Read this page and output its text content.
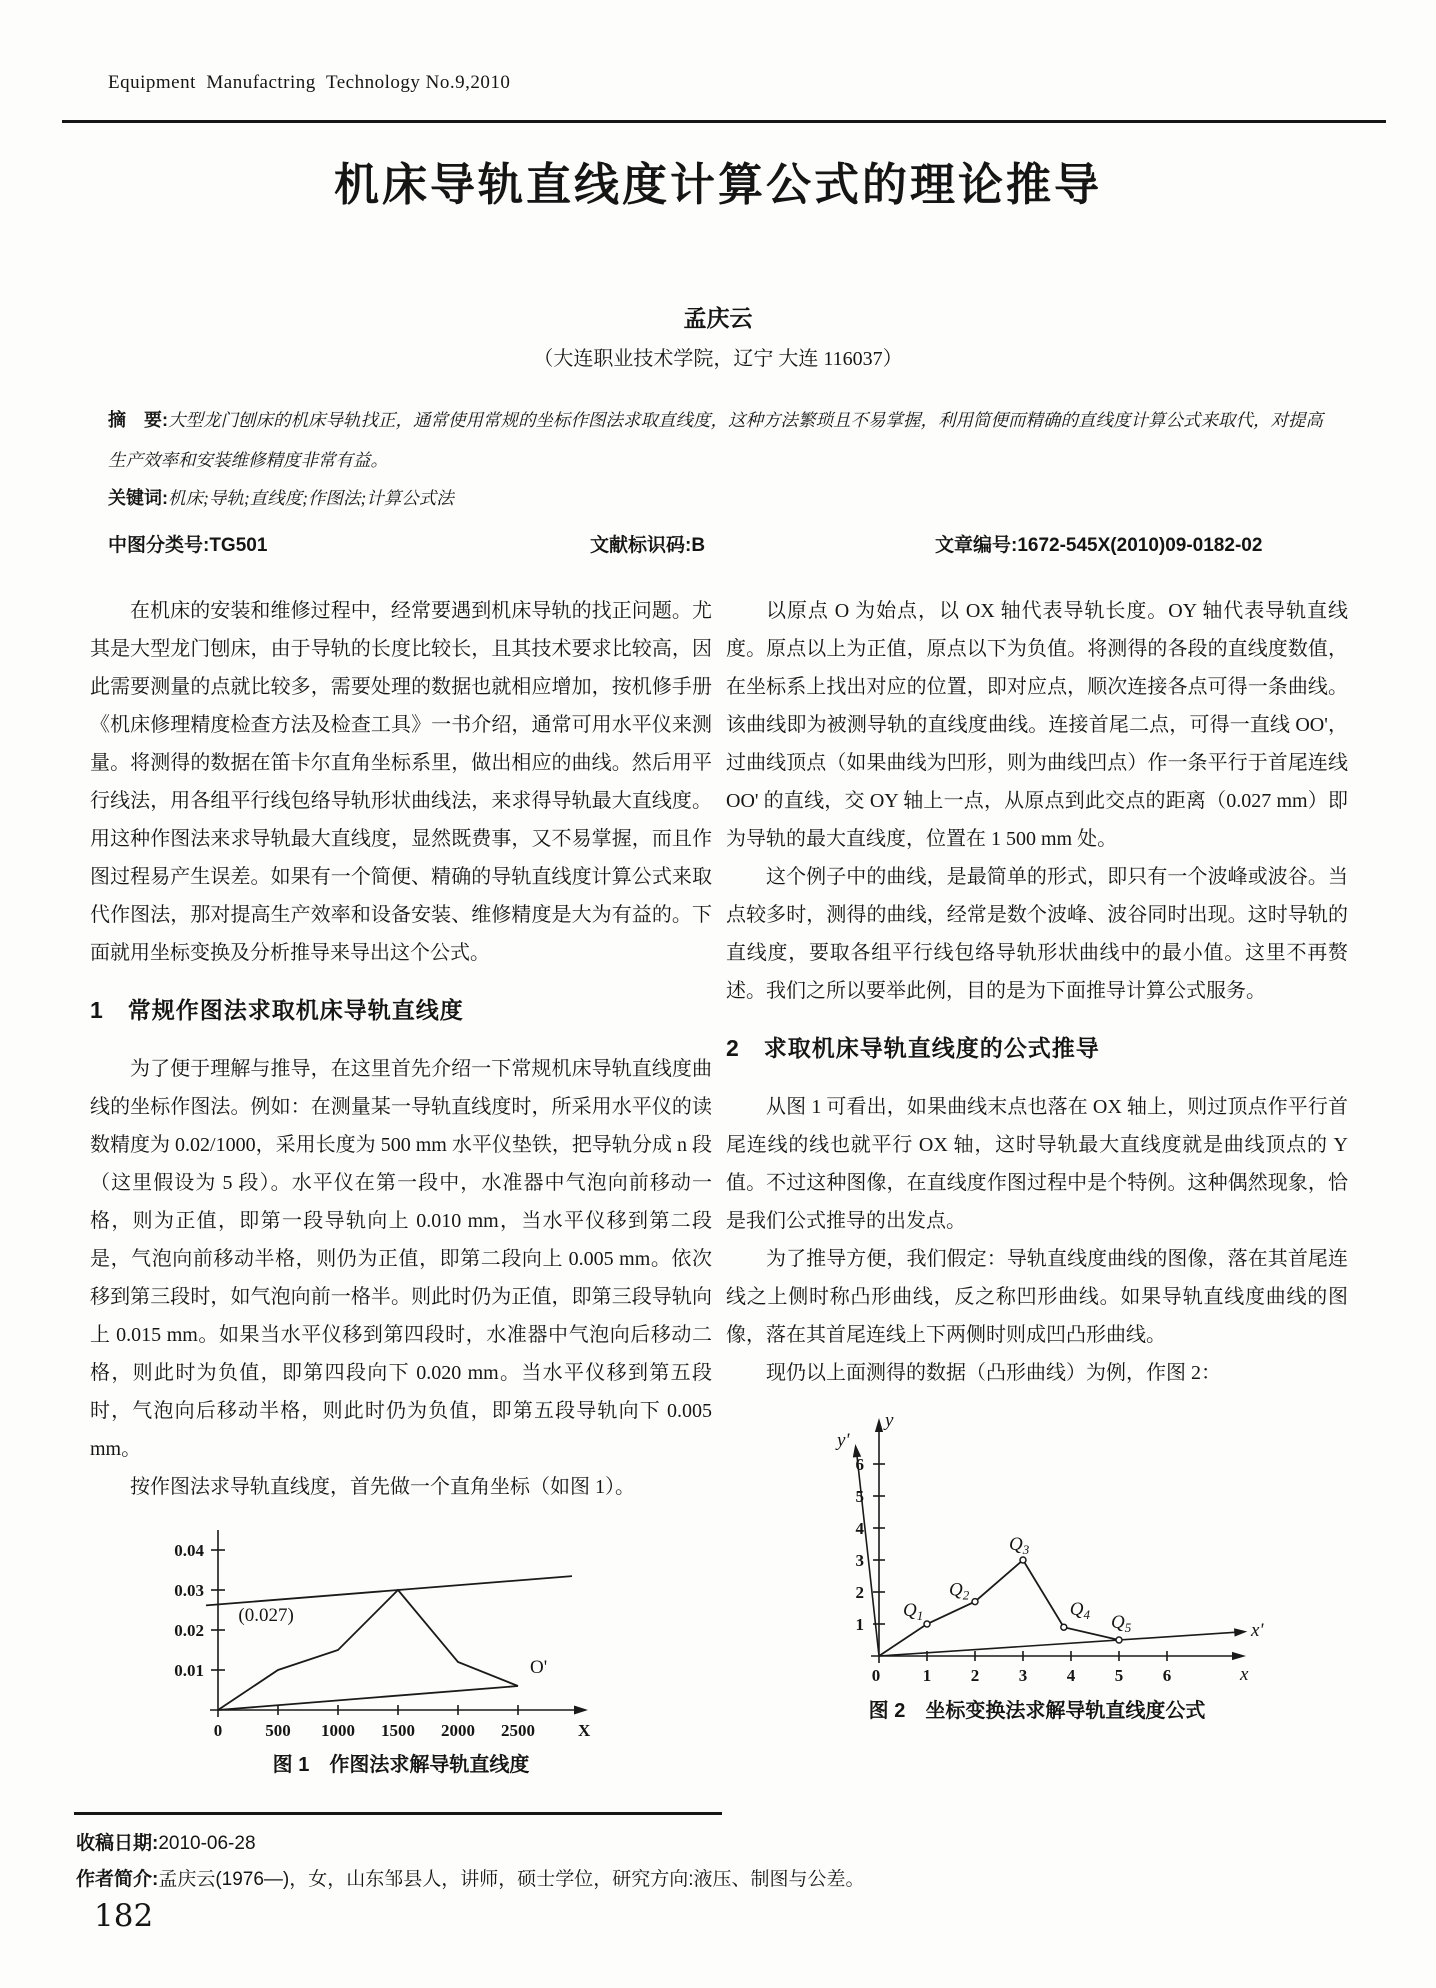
Equipment  Manufactring  Technology No.9,2010
机床导轨直线度计算公式的理论推导
孟庆云
（大连职业技术学院，辽宁 大连 116037）
摘　要:大型龙门刨床的机床导轨找正，通常使用常规的坐标作图法求取直线度，这种方法繁琐且不易掌握，利用简便而精确的直线度计算公式来取代，对提高生产效率和安装维修精度非常有益。
关键词:机床;导轨;直线度;作图法;计算公式法
中图分类号:TG501	文献标识码:B	文章编号:1672-545X(2010)09-0182-02

在机床的安装和维修过程中，经常要遇到机床导轨的找正问题。尤其是大型龙门刨床，由于导轨的长度比较长，且其技术要求比较高，因此需要测量的点就比较多，需要处理的数据也就相应增加，按机修手册《机床修理精度检查方法及检查工具》一书介绍，通常可用水平仪来测量。将测得的数据在笛卡尔直角坐标系里，做出相应的曲线。然后用平行线法，用各组平行线包络导轨形状曲线法，来求得导轨最大直线度。用这种作图法来求导轨最大直线度，显然既费事，又不易掌握，而且作图过程易产生误差。如果有一个简便、精确的导轨直线度计算公式来取代作图法，那对提高生产效率和设备安装、维修精度是大为有益的。下面就用坐标变换及分析推导来导出这个公式。

1　常规作图法求取机床导轨直线度

为了便于理解与推导，在这里首先介绍一下常规机床导轨直线度曲线的坐标作图法。例如：在测量某一导轨直线度时，所采用水平仪的读数精度为 0.02/1000，采用长度为 500 mm 水平仪垫铁，把导轨分成 n 段（这里假设为 5 段）。水平仪在第一段中，水准器中气泡向前移动一格，则为正值，即第一段导轨向上 0.010 mm，当水平仪移到第二段是，气泡向前移动半格，则仍为正值，即第二段向上 0.005 mm。依次移到第三段时，如气泡向前一格半。则此时仍为正值，即第三段导轨向上 0.015 mm。如果当水平仪移到第四段时，水准器中气泡向后移动二格，则此时为负值，即第四段向下 0.020 mm。当水平仪移到第五段时，气泡向后移动半格，则此时仍为负值，即第五段导轨向下 0.005 mm。

按作图法求导轨直线度，首先做一个直角坐标（如图 1）。

0	500 1000 1500 2000 2500
0.01
0.02
0.03
0.04
X
(0.027)
O'
图 1　作图法求解导轨直线度

以原点 O 为始点，以 OX 轴代表导轨长度。OY 轴代表导轨直线度。原点以上为正值，原点以下为负值。将测得的各段的直线度数值，在坐标系上找出对应的位置，即对应点，顺次连接各点可得一条曲线。该曲线即为被测导轨的直线度曲线。连接首尾二点，可得一直线 OO'，过曲线顶点（如果曲线为凹形，则为曲线凹点）作一条平行于首尾连线 OO' 的直线，交 OY 轴上一点，从原点到此交点的距离（0.027 mm）即为导轨的最大直线度，位置在 1 500 mm 处。

这个例子中的曲线，是最简单的形式，即只有一个波峰或波谷。当点较多时，测得的曲线，经常是数个波峰、波谷同时出现。这时导轨的直线度，要取各组平行线包络导轨形状曲线中的最小值。这里不再赘述。我们之所以要举此例，目的是为下面推导计算公式服务。

2　求取机床导轨直线度的公式推导

从图 1 可看出，如果曲线末点也落在 OX 轴上，则过顶点作平行首尾连线的线也就平行 OX 轴，这时导轨最大直线度就是曲线顶点的 Y 值。不过这种图像，在直线度作图过程中是个特例。这种偶然现象，恰是我们公式推导的出发点。

为了推导方便，我们假定：导轨直线度曲线的图像，落在其首尾连线之上侧时称凸形曲线，反之称凹形曲线。如果导轨直线度曲线的图像，落在其首尾连线上下两侧时则成凹凸形曲线。

现仍以上面测得的数据（凸形曲线）为例，作图 2：

y
y'
x
x'
0	1 2 3 4 5 6
1
2
3
4
5
6
$Q_1$
$Q_2$
$Q_3$
$Q_4$ $Q_5$
图 2　坐标变换法求解导轨直线度公式
收稿日期:2010-06-28
作者简介:孟庆云(1976—)，女，山东邹县人，讲师，硕士学位，研究方向:液压、制图与公差。
182
